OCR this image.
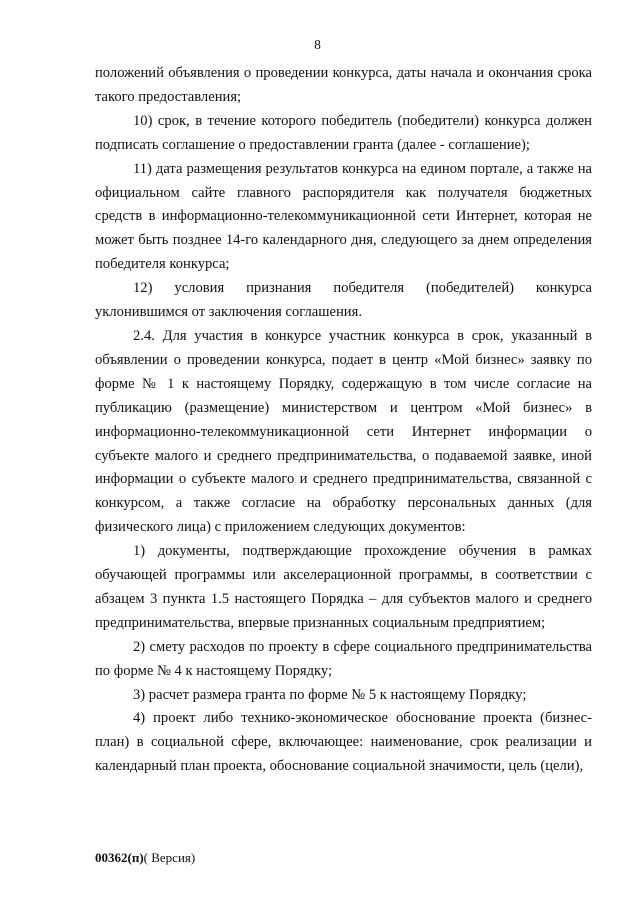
8

положений объявления о проведении конкурса, даты начала и окончания срока такого предоставления;

10) срок, в течение которого победитель (победители) конкурса должен подписать соглашение о предоставлении гранта (далее - соглашение);

11) дата размещения результатов конкурса на едином портале, а также на официальном сайте главного распорядителя как получателя бюджетных средств в информационно-телекоммуникационной сети Интернет, которая не может быть позднее 14-го календарного дня, следующего за днем определения победителя конкурса;

12) условия признания победителя (победителей) конкурса

уклонившимся от заключения соглашения.

2.4. Для участия в конкурсе участник конкурса в срок, указанный в объявлении о проведении конкурса, подает в центр «Мой бизнес» заявку по форме № 1 к настоящему Порядку, содержащую в том числе согласие на публикацию (размещение) министерством и центром «Мой бизнес» в информационно-телекоммуникационной сети Интернет информации о субъекте малого и среднего предпринимательства, о подаваемой заявке, иной информации о субъекте малого и среднего предпринимательства, связанной с конкурсом, а также согласие на обработку персональных данных (для физического лица) с приложением следующих документов:

1) документы, подтверждающие прохождение обучения в рамках обучающей программы или акселерационной программы, в соответствии с абзацем 3 пункта 1.5 настоящего Порядка – для субъектов малого и среднего предпринимательства, впервые признанных социальным предприятием;

2) смету расходов по проекту в сфере социального предпринимательства по форме № 4 к настоящему Порядку;

3) расчет размера гранта по форме № 5 к настоящему Порядку;

4) проект либо технико-экономическое обоснование проекта (бизнес-план) в социальной сфере, включающее: наименование, срок реализации и календарный план проекта, обоснование социальной значимости, цель (цели),

00362(п)( Версия)
